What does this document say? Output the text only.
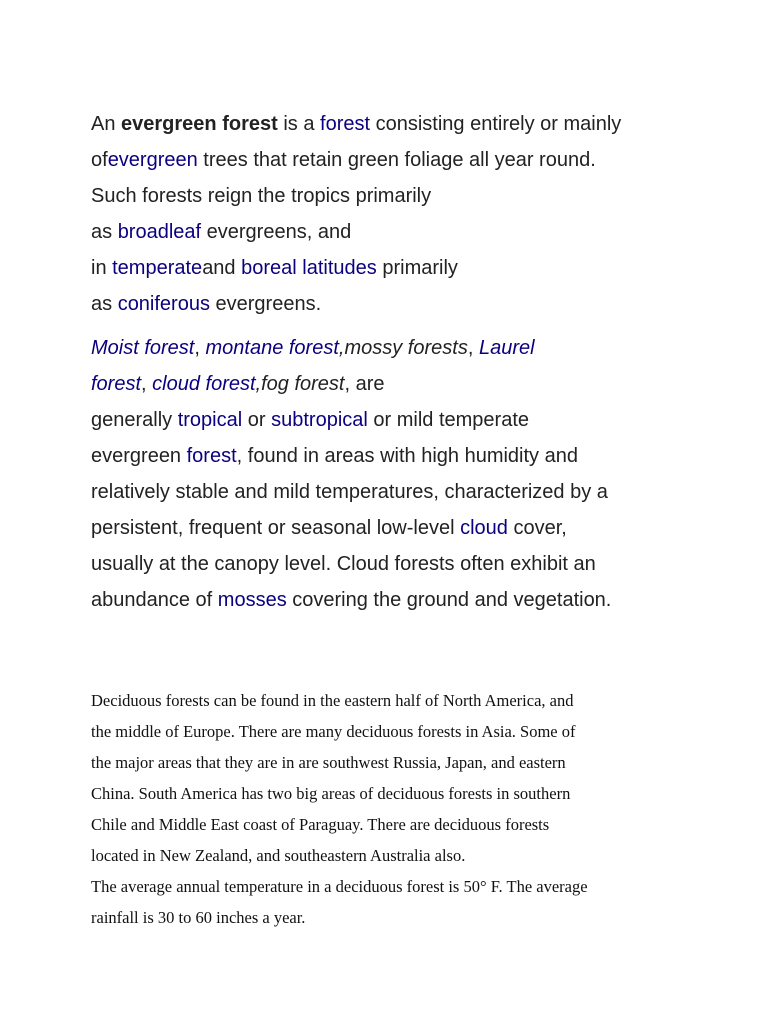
An evergreen forest is a forest consisting entirely or mainly
ofevergreen trees that retain green foliage all year round.
Such forests reign the tropics primarily
as broadleaf evergreens, and
in temperateand boreal latitudes primarily
as coniferous evergreens.
Moist forest, montane forest,mossy forests, Laurel
forest, cloud forest,fog forest, are
generally tropical or subtropical or mild temperate
evergreen forest, found in areas with high humidity and
relatively stable and mild temperatures, characterized by a
persistent, frequent or seasonal low-level cloud cover,
usually at the canopy level. Cloud forests often exhibit an
abundance of mosses covering the ground and vegetation.
Deciduous forests can be found in the eastern half of North America, and
the middle of Europe. There are many deciduous forests in Asia. Some of
the major areas that they are in are southwest Russia, Japan, and eastern
China. South America has two big areas of deciduous forests in southern
Chile and Middle East coast of Paraguay. There are deciduous forests
located in New Zealand, and southeastern Australia also.
The average annual temperature in a deciduous forest is 50° F. The average
rainfall is 30 to 60 inches a year.
